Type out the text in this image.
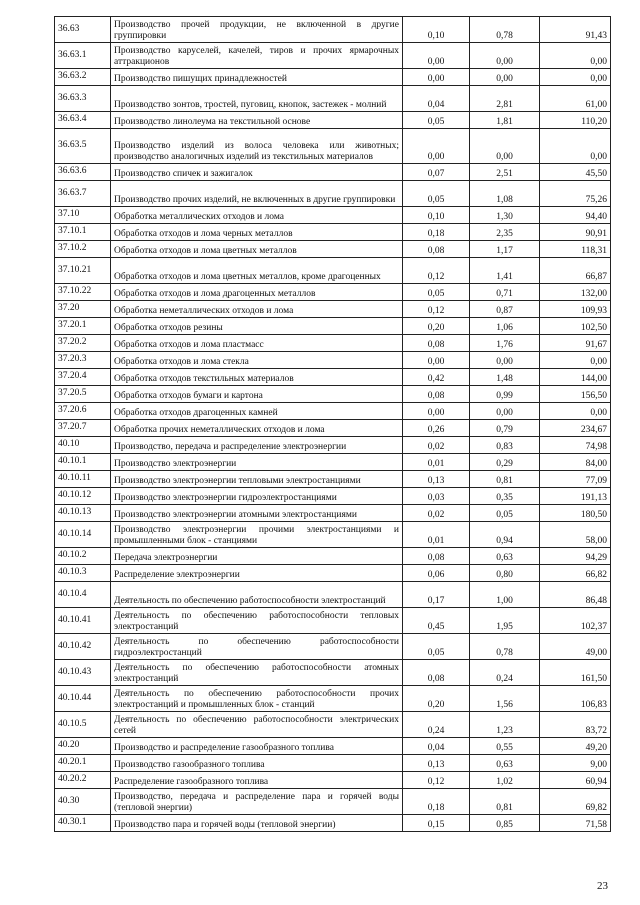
36.63	Производство прочей продукции, не включенной в другие группировки	0,10	0,78	91,43
36.63.1	Производство каруселей, качелей, тиров и прочих ярмарочных аттракционов	0,00	0,00	0,00
36.63.2	Производство пишущих принадлежностей	0,00	0,00	0,00
36.63.3	Производство зонтов, тростей, пуговиц, кнопок, застежек - молний	0,04	2,81	61,00
36.63.4	Производство линолеума на текстильной основе	0,05	1,81	110,20
36.63.5	Производство изделий из волоса человека или животных; производство аналогичных изделий из текстильных материалов	0,00	0,00	0,00
36.63.6	Производство спичек и зажигалок	0,07	2,51	45,50
36.63.7	Производство прочих изделий, не включенных в другие группировки	0,05	1,08	75,26
37.10	Обработка металлических отходов и лома	0,10	1,30	94,40
37.10.1	Обработка отходов и лома черных металлов	0,18	2,35	90,91
37.10.2	Обработка отходов и лома цветных металлов	0,08	1,17	118,31
37.10.21	Обработка отходов и лома цветных металлов, кроме драгоценных	0,12	1,41	66,87
37.10.22	Обработка отходов и лома драгоценных металлов	0,05	0,71	132,00
37.20	Обработка неметаллических отходов и лома	0,12	0,87	109,93
37.20.1	Обработка отходов резины	0,20	1,06	102,50
37.20.2	Обработка отходов и лома пластмасс	0,08	1,76	91,67
37.20.3	Обработка отходов и лома стекла	0,00	0,00	0,00
37.20.4	Обработка отходов текстильных материалов	0,42	1,48	144,00
37.20.5	Обработка отходов бумаги и картона	0,08	0,99	156,50
37.20.6	Обработка отходов драгоценных камней	0,00	0,00	0,00
37.20.7	Обработка прочих неметаллических отходов и лома	0,26	0,79	234,67
40.10	Производство, передача и распределение электроэнергии	0,02	0,83	74,98
40.10.1	Производство электроэнергии	0,01	0,29	84,00
40.10.11	Производство электроэнергии тепловыми электростанциями	0,13	0,81	77,09
40.10.12	Производство электроэнергии гидроэлектростанциями	0,03	0,35	191,13
40.10.13	Производство электроэнергии атомными электростанциями	0,02	0,05	180,50
40.10.14	Производство электроэнергии прочими электростанциями и промышленными блок - станциями	0,01	0,94	58,00
40.10.2	Передача электроэнергии	0,08	0,63	94,29
40.10.3	Распределение электроэнергии	0,06	0,80	66,82
40.10.4	Деятельность по обеспечению работоспособности электростанций	0,17	1,00	86,48
40.10.41	Деятельность по обеспечению работоспособности тепловых электростанций	0,45	1,95	102,37
40.10.42	Деятельность по обеспечению работоспособности гидроэлектростанций	0,05	0,78	49,00
40.10.43	Деятельность по обеспечению работоспособности атомных электростанций	0,08	0,24	161,50
40.10.44	Деятельность по обеспечению работоспособности прочих электростанций и промышленных блок - станций	0,20	1,56	106,83
40.10.5	Деятельность по обеспечению работоспособности электрических сетей	0,24	1,23	83,72
40.20	Производство и распределение газообразного топлива	0,04	0,55	49,20
40.20.1	Производство газообразного топлива	0,13	0,63	9,00
40.20.2	Распределение газообразного топлива	0,12	1,02	60,94
40.30	Производство, передача и распределение пара и горячей воды (тепловой энергии)	0,18	0,81	69,82
40.30.1	Производство пара и горячей воды (тепловой энергии)	0,15	0,85	71,58
23
